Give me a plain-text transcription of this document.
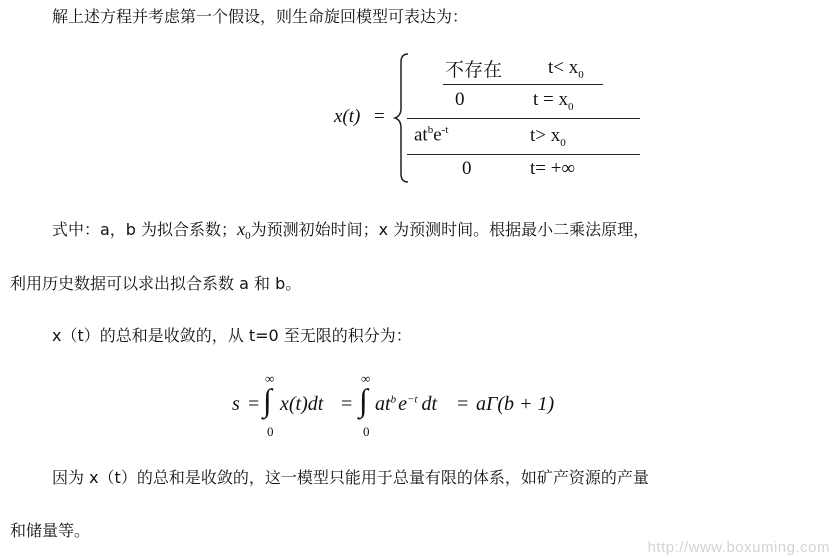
解上述方程并考虑第一个假设，则生命旋回模型可表达为：
x(t) =
不存在 $t< x_0$
0	$t = x_0$
$at^be^{-t}$	$t> x_0$
0	t= +∞
式中：a，b 为拟合系数；$x_0$为预测初始时间；x 为预测时间。根据最小二乘法原理，
利用历史数据可以求出拟合系数 a 和 b。
x（t）的总和是收敛的，从 t=0 至无限的积分为：
s =
∞
∫
0
x(t)dt =
∞
∫
0
$at^b$ $e^{-t}$ dt = aΓ(b + 1)
因为 x（t）的总和是收敛的，这一模型只能用于总量有限的体系，如矿产资源的产量
和储量等。
http://www.boxuming.com
